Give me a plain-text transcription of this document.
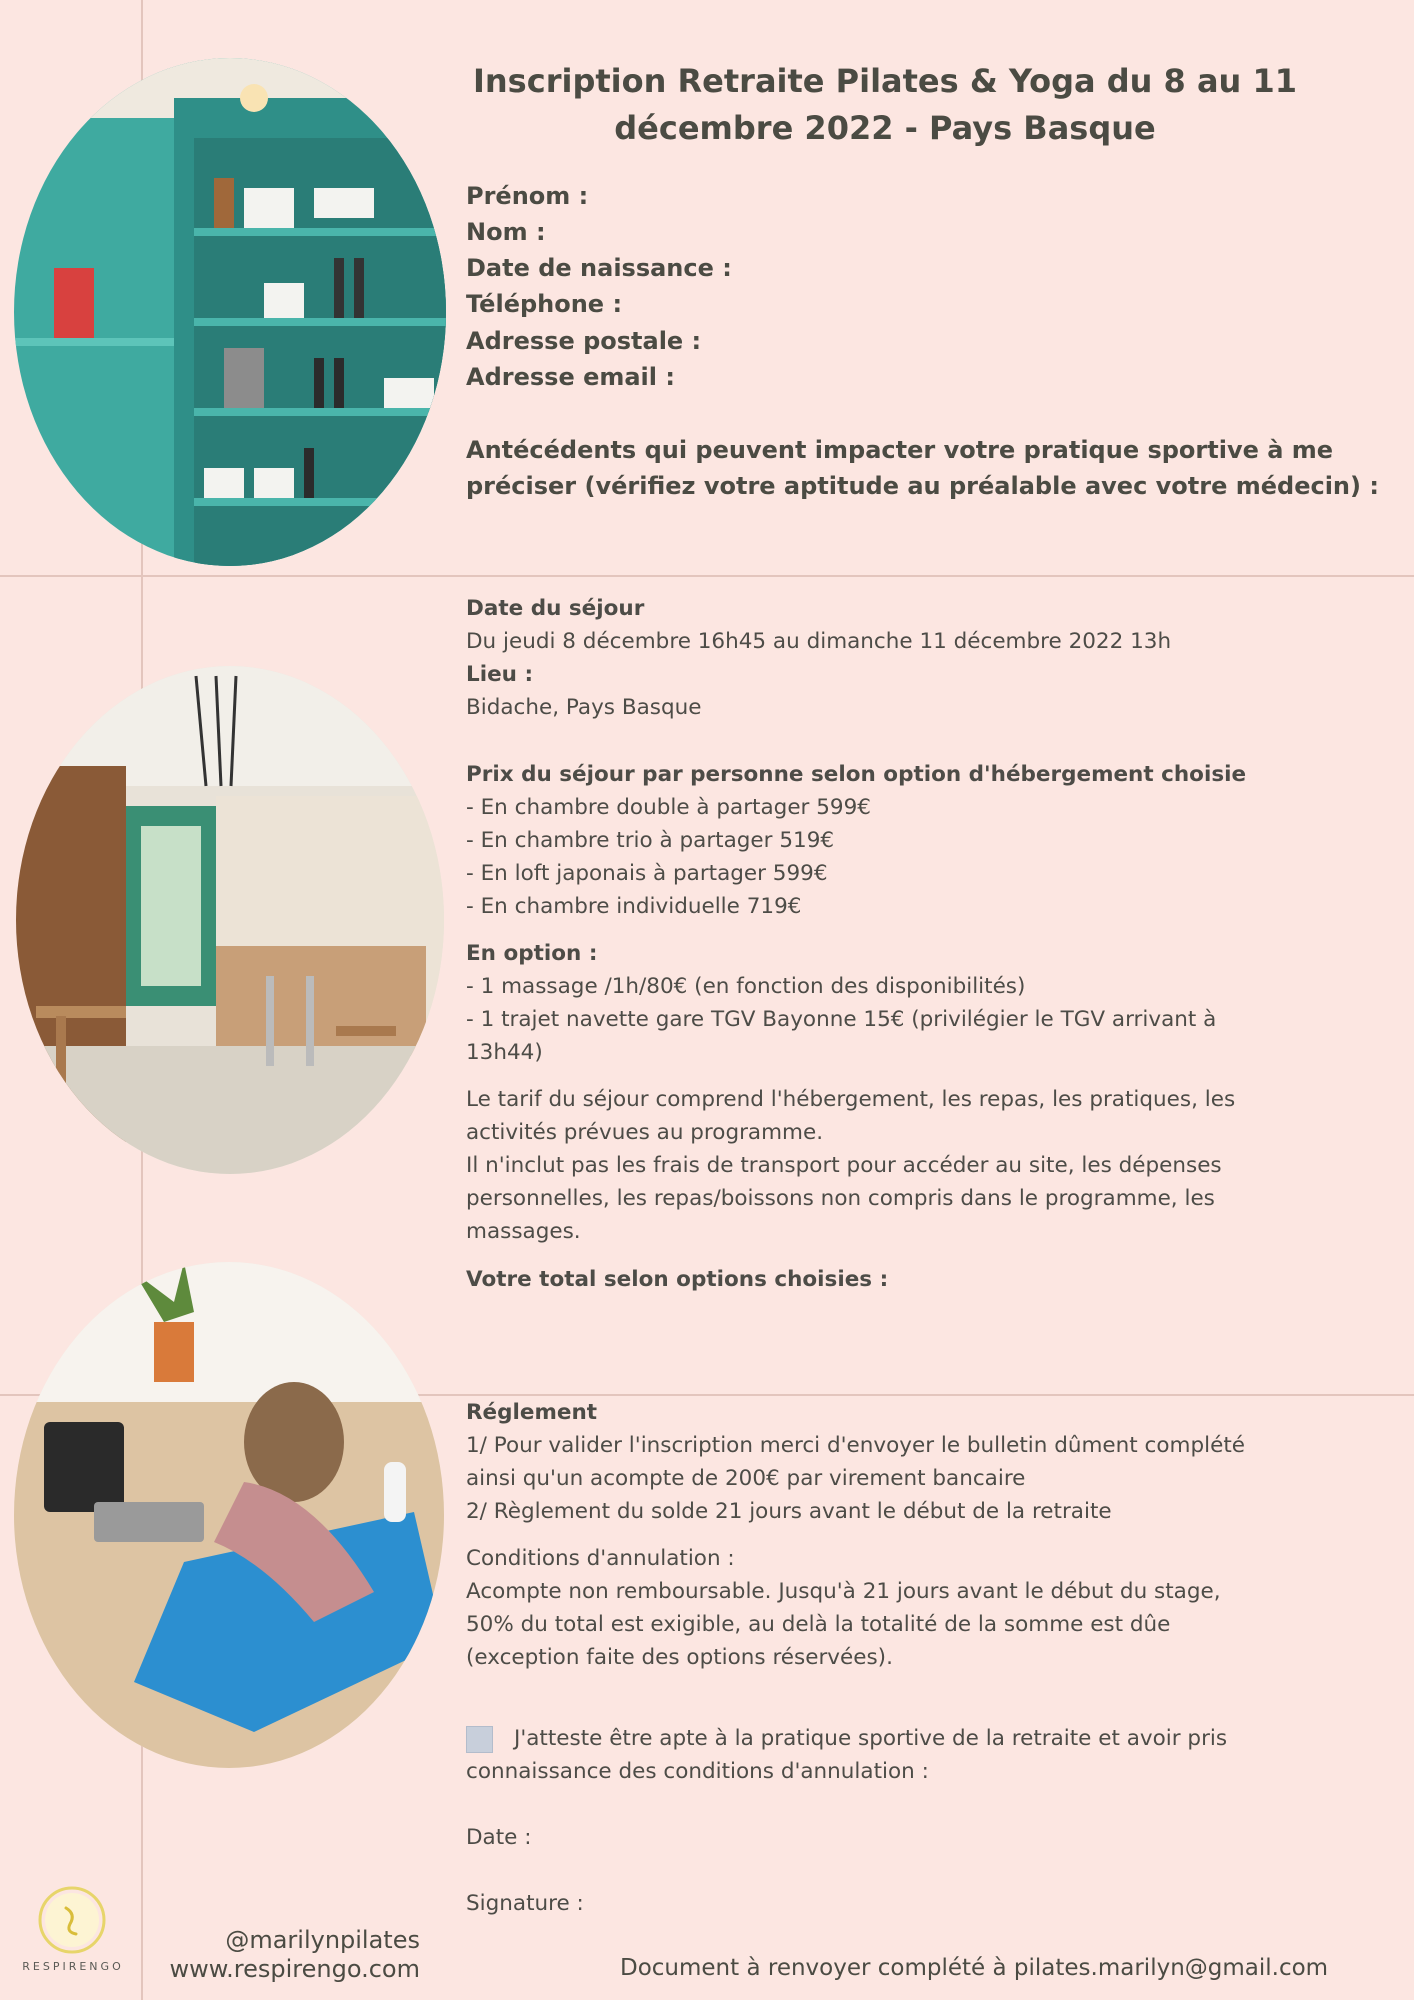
Inscription Retraite Pilates & Yoga du 8 au 11
décembre 2022 - Pays Basque
Prénom :
Nom :
Date de naissance :
Téléphone :
Adresse postale :
Adresse email :
Antécédents qui peuvent impacter votre pratique sportive à me
préciser (vérifiez votre aptitude au préalable avec votre médecin) :
Date du séjour
Du jeudi 8 décembre 16h45 au dimanche 11 décembre 2022 13h
Lieu :
Bidache, Pays Basque
Prix du séjour par personne selon option d'hébergement choisie
- En chambre double à partager 599€
- En chambre trio à partager 519€
- En loft japonais à partager 599€
- En chambre individuelle 719€
En option :
- 1 massage /1h/80€ (en fonction des disponibilités)
- 1 trajet navette gare TGV Bayonne 15€ (privilégier le TGV arrivant à
13h44)
Le tarif du séjour comprend l'hébergement, les repas, les pratiques, les
activités prévues au programme.
Il n'inclut pas les frais de transport pour accéder au site, les dépenses
personnelles, les repas/boissons non compris dans le programme, les
massages.
Votre total selon options choisies :
Réglement
1/ Pour valider l'inscription merci d'envoyer le bulletin dûment complété
ainsi qu'un acompte de 200€ par virement bancaire
2/ Règlement du solde 21 jours avant le début de la retraite
Conditions d'annulation :
Acompte non remboursable. Jusqu'à 21 jours avant le début du stage,
50% du total est exigible, au delà la totalité de la somme est dûe
(exception faite des options réservées).
J'atteste être apte à la pratique sportive de la retraite et avoir pris
connaissance des conditions d'annulation :
Date :
Signature :
RESPIRENGO
@marilynpilates
www.respirengo.com	Document à renvoyer complété à pilates.marilyn@gmail.com
